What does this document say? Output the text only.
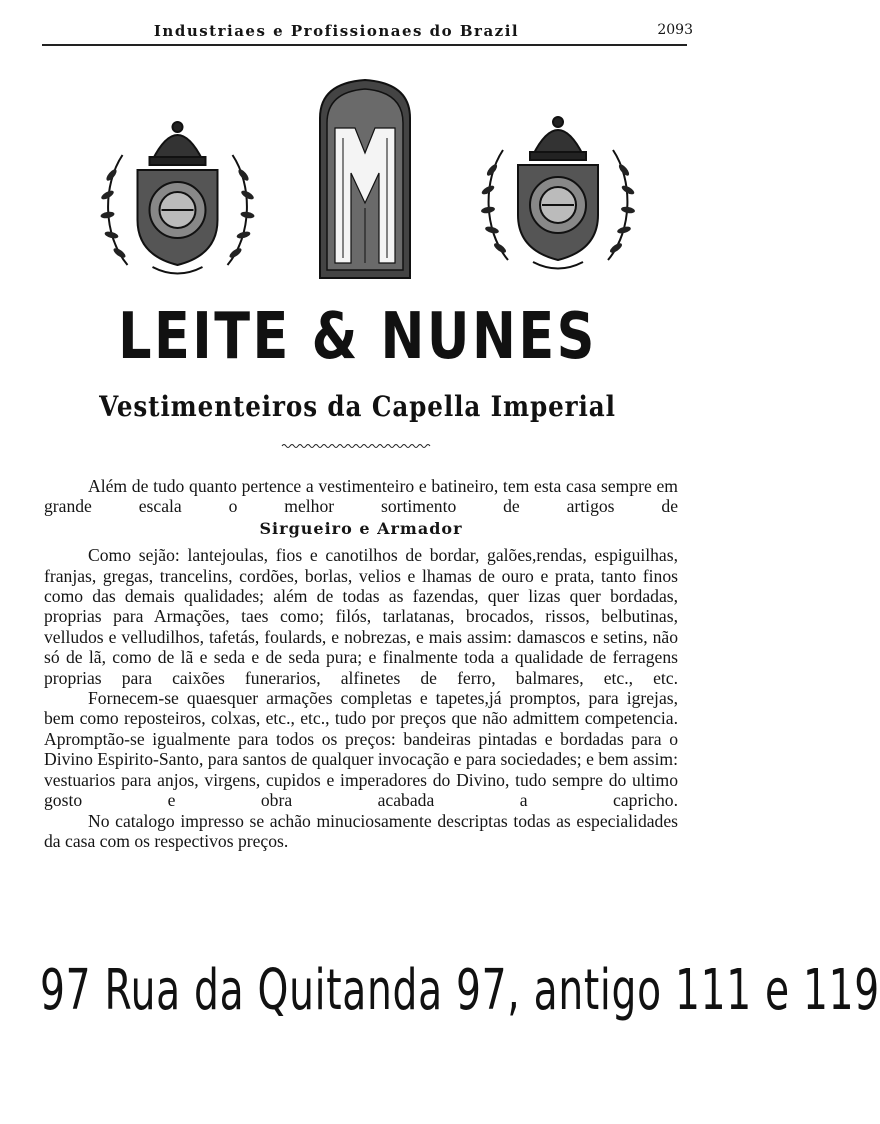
Industriaes e Profissionaes do Brazil	2093
LEITE & NUNES
Vestimenteiros da Capella Imperial

Além de tudo quanto pertence a vestimenteiro e batineiro, tem esta casa sempre em grande escala o melhor sortimento de artigos de

Sirgueiro e Armador

Como sejão: lantejoulas, fios e canotilhos de bordar, galões,rendas, espiguilhas, franjas, gregas, trancelins, cordões, borlas, velios e lhamas de ouro e prata, tanto finos como das demais qualidades; além de todas as fazendas, quer lizas quer bordadas, proprias para Armações, taes como; filós, tarlatanas, brocados, rissos, belbutinas, velludos e velludilhos, tafetás, foulards, e nobrezas, e mais assim: damascos e setins, não só de lã, como de lã e seda e de seda pura; e finalmente toda a qualidade de ferragens proprias para caixões funerarios, alfinetes de ferro, balmares, etc., etc.

Fornecem-se quaesquer armações completas e tapetes,já promptos, para igrejas, bem como reposteiros, colxas, etc., etc., tudo por preços que não admittem competencia. Apromptão-se igualmente para todos os preços: bandeiras pintadas e bordadas para o Divino Espirito-Santo, para santos de qualquer invocação e para sociedades; e bem assim: vestuarios para anjos, virgens, cupidos e imperadores do Divino, tudo sempre do ultimo gosto e obra acabada a capricho.

No catalogo impresso se achão minuciosamente descriptas todas as especialidades da casa com os respectivos preços.

97 Rua da Quitanda 97, antigo 111 e 119
